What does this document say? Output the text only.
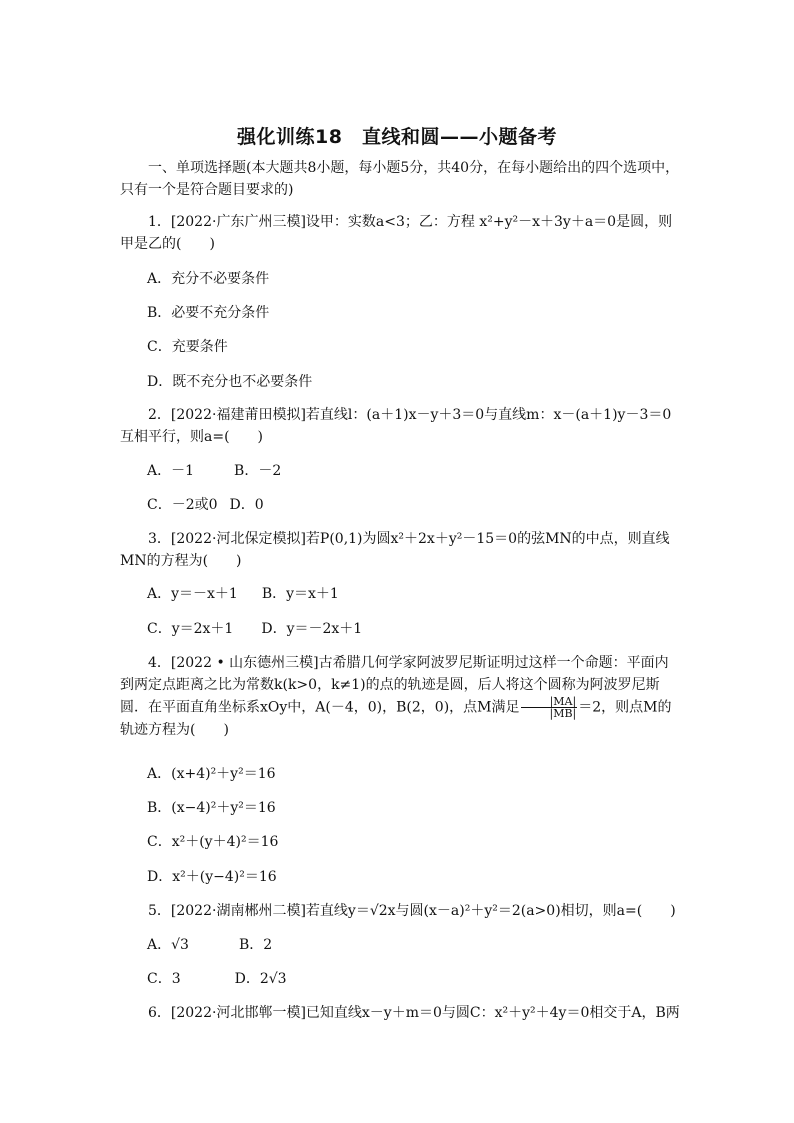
强化训练18　直线和圆——小题备考
一、单项选择题(本大题共8小题，每小题5分，共40分，在每小题给出的四个选项中，只有一个是符合题目要求的)
1．[2022·广东广州三模]设甲：实数a<3；乙：方程 x²+y²－x＋3y＋a＝0是圆，则甲是乙的(　　)
A．充分不必要条件
B．必要不充分条件
C．充要条件
D．既不充分也不必要条件
2．[2022·福建莆田模拟]若直线l：(a＋1)x－y＋3＝0与直线m：x－(a＋1)y－3＝0互相平行，则a=(　　)
A．－1	B．－2
C．－2或0 D．0
3．[2022·河北保定模拟]若P(0,1)为圆x²＋2x＋y²－15＝0的弦MN的中点，则直线MN的方程为(　　)
A．y＝－x＋1 B．y＝x＋1
C．y＝2x＋1 D．y＝－2x＋1
4．[2022 • 山东德州三模]古希腊几何学家阿波罗尼斯证明过这样一个命题：平面内到两定点距离之比为常数k(k>0，k≠1)的点的轨迹是圆，后人将这个圆称为阿波罗尼斯圆．在平面直角坐标系xOy中，A(－4，0)，B(2，0)，点M满足 $\frac{|MA|}{|MB|} =2$，则点M的轨迹方程为(　　)
A．(x+4)²＋y²＝16
B．(x−4)²＋y²＝16
C．x²＋(y＋4)²＝16
D．x²＋(y−4)²＝16
5．[2022·湖南郴州二模]若直线y＝√2x与圆(x－a)²＋y²＝2(a>0)相切，则a=(　　)
A．√3	B．2
C．3	D．2√3
6．[2022·河北邯郸一模]已知直线x－y＋m＝0与圆C：x²＋y²＋4y＝0相交于A，B两
